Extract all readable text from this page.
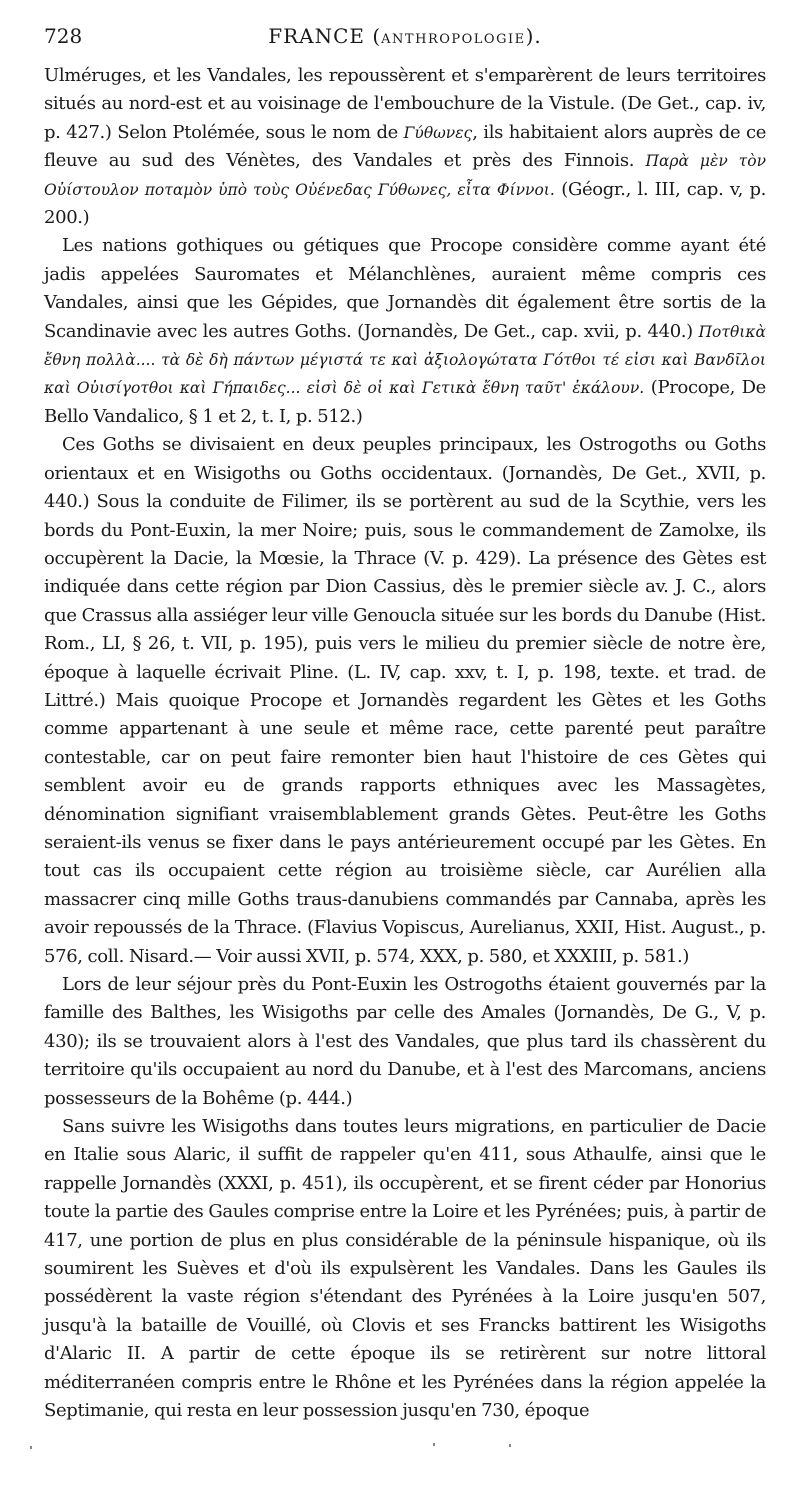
728	FRANCE (ANTHROPOLOGIE).

Ulméruges, et les Vandales, les repoussèrent et s'emparèrent de leurs territoires situés au nord-est et au voisinage de l'embouchure de la Vistule. (De Get., cap. iv, p. 427.) Selon Ptolémée, sous le nom de Γύθωνες, ils habitaient alors auprès de ce fleuve au sud des Vénètes, des Vandales et près des Finnois. Παρὰ μὲν τὸν Οὐίστουλον ποταμὸν ὑπὸ τοὺς Οὐένεδας Γύθωνες, εἶτα Φίννοι. (Géogr., l. III, cap. v, p. 200.)

Les nations gothiques ou gétiques que Procope considère comme ayant été jadis appelées Sauromates et Mélanchlènes, auraient même compris ces Vandales, ainsi que les Gépides, que Jornandès dit également être sortis de la Scandinavie avec les autres Goths. (Jornandès, De Get., cap. xvii, p. 440.) Ποτθικὰ ἔθνη πολλὰ.... τὰ δὲ δὴ πάντων μέγιστά τε καὶ ἀξιολογώτατα Γότθοι τέ εἰσι καὶ Βανδῖλοι καὶ Οὐισίγοτθοι καὶ Γήπαιδες... εἰσὶ δὲ οἱ καὶ Γετικὰ ἔθνη ταῦτ' ἐκάλουν. (Procope, De Bello Vandalico, § 1 et 2, t. I, p. 512.)

Ces Goths se divisaient en deux peuples principaux, les Ostrogoths ou Goths orientaux et en Wisigoths ou Goths occidentaux. (Jornandès, De Get., XVII, p. 440.) Sous la conduite de Filimer, ils se portèrent au sud de la Scythie, vers les bords du Pont-Euxin, la mer Noire; puis, sous le commandement de Zamolxe, ils occupèrent la Dacie, la Mœsie, la Thrace (V. p. 429). La présence des Gètes est indiquée dans cette région par Dion Cassius, dès le premier siècle av. J. C., alors que Crassus alla assiéger leur ville Genoucla située sur les bords du Danube (Hist. Rom., LI, § 26, t. VII, p. 195), puis vers le milieu du premier siècle de notre ère, époque à laquelle écrivait Pline. (L. IV, cap. xxv, t. I, p. 198, texte. et trad. de Littré.) Mais quoique Procope et Jornandès regardent les Gètes et les Goths comme appartenant à une seule et même race, cette parenté peut paraître contestable, car on peut faire remonter bien haut l'histoire de ces Gètes qui semblent avoir eu de grands rapports ethniques avec les Massagètes, dénomination signifiant vraisemblablement grands Gètes. Peut-être les Goths seraient-ils venus se fixer dans le pays antérieurement occupé par les Gètes. En tout cas ils occupaient cette région au troisième siècle, car Aurélien alla massacrer cinq mille Goths traus-danubiens commandés par Cannaba, après les avoir repoussés de la Thrace. (Flavius Vopiscus, Aurelianus, XXII, Hist. August., p. 576, coll. Nisard.— Voir aussi XVII, p. 574, XXX, p. 580, et XXXIII, p. 581.)

Lors de leur séjour près du Pont-Euxin les Ostrogoths étaient gouvernés par la famille des Balthes, les Wisigoths par celle des Amales (Jornandès, De G., V, p. 430); ils se trouvaient alors à l'est des Vandales, que plus tard ils chassèrent du territoire qu'ils occupaient au nord du Danube, et à l'est des Marcomans, anciens possesseurs de la Bohême (p. 444.)

Sans suivre les Wisigoths dans toutes leurs migrations, en particulier de Dacie en Italie sous Alaric, il suffit de rappeler qu'en 411, sous Athaulfe, ainsi que le rappelle Jornandès (XXXI, p. 451), ils occupèrent, et se firent céder par Honorius toute la partie des Gaules comprise entre la Loire et les Pyrénées; puis, à partir de 417, une portion de plus en plus considérable de la péninsule hispanique, où ils soumirent les Suèves et d'où ils expulsèrent les Vandales. Dans les Gaules ils possédèrent la vaste région s'étendant des Pyrénées à la Loire jusqu'en 507, jusqu'à la bataille de Vouillé, où Clovis et ses Francks battirent les Wisigoths d'Alaric II. A partir de cette époque ils se retirèrent sur notre littoral méditerranéen compris entre le Rhône et les Pyrénées dans la région appelée la Septimanie, qui resta en leur possession jusqu'en 730, époque
